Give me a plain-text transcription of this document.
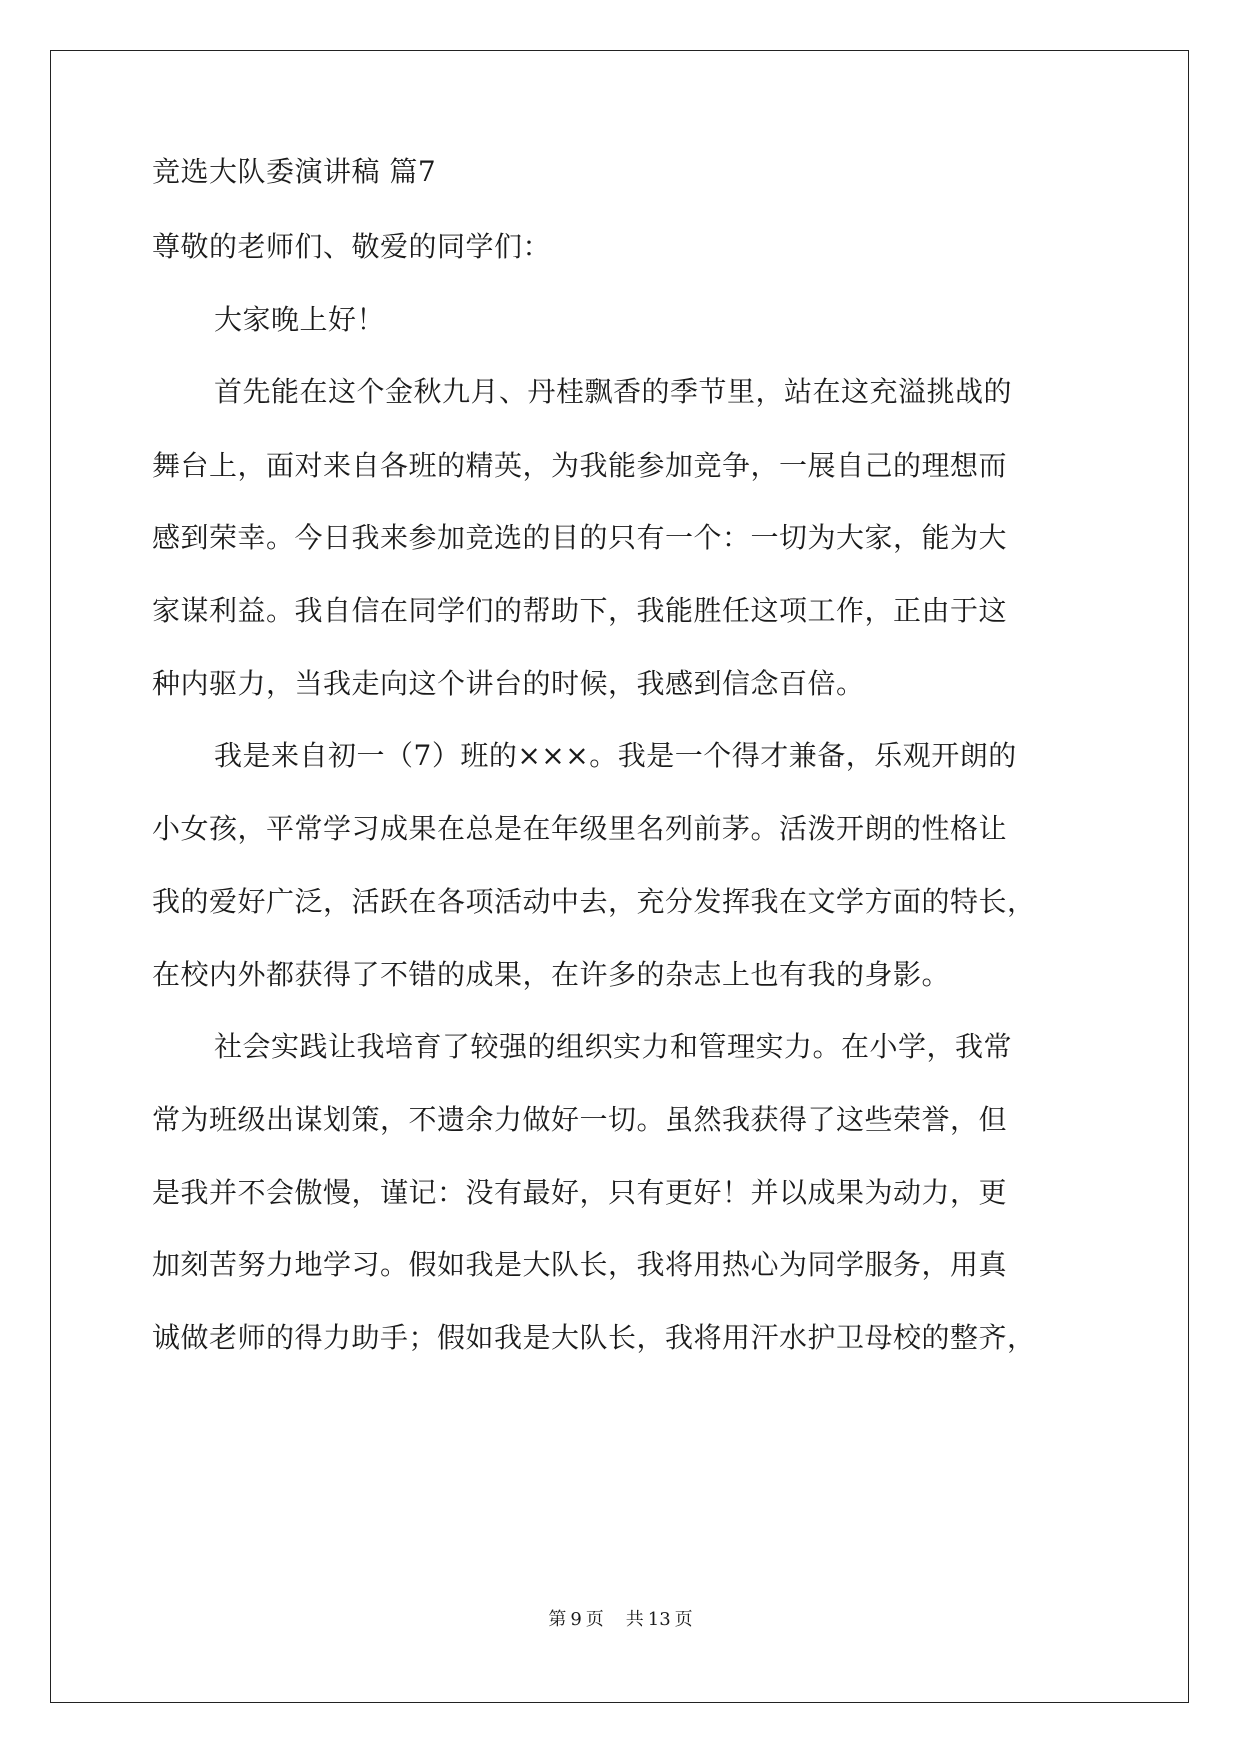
竞选大队委演讲稿 篇7
尊敬的老师们、敬爱的同学们：
大家晚上好！
首先能在这个金秋九月、丹桂飘香的季节里，站在这充溢挑战的
舞台上，面对来自各班的精英，为我能参加竞争，一展自己的理想而
感到荣幸。今日我来参加竞选的目的只有一个：一切为大家，能为大
家谋利益。我自信在同学们的帮助下，我能胜任这项工作，正由于这
种内驱力，当我走向这个讲台的时候，我感到信念百倍。
我是来自初一（7）班的×××。我是一个得才兼备，乐观开朗的
小女孩，平常学习成果在总是在年级里名列前茅。活泼开朗的性格让
我的爱好广泛，活跃在各项活动中去，充分发挥我在文学方面的特长，
在校内外都获得了不错的成果，在许多的杂志上也有我的身影。
社会实践让我培育了较强的组织实力和管理实力。在小学，我常
常为班级出谋划策，不遗余力做好一切。虽然我获得了这些荣誉，但
是我并不会傲慢，谨记：没有最好，只有更好！并以成果为动力，更
加刻苦努力地学习。假如我是大队长，我将用热心为同学服务，用真
诚做老师的得力助手；假如我是大队长，我将用汗水护卫母校的整齐，
第 9 页 共 13 页
